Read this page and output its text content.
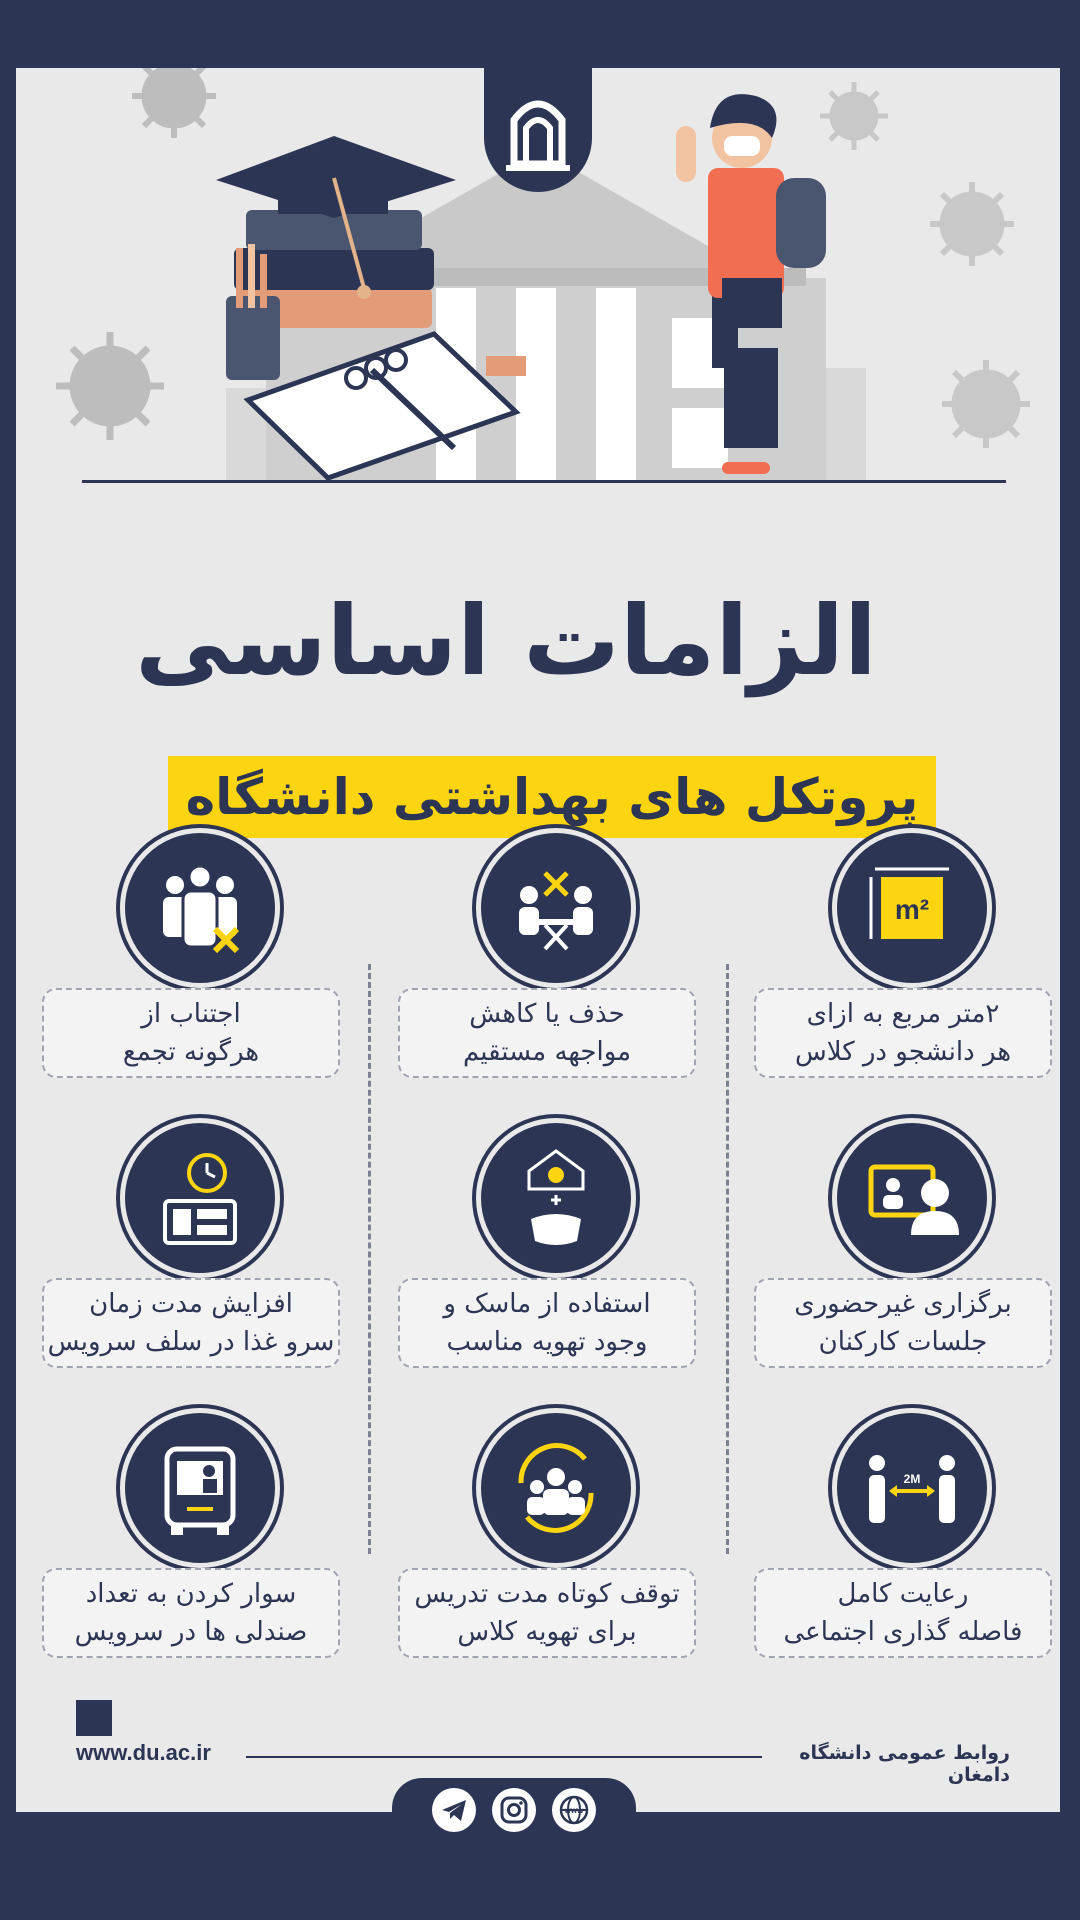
الزامات اساسی
پروتکل های بهداشتی دانشگاه
m²
۲متر مربع به ازای
هر دانشجو در کلاس
حذف یا کاهش
مواجهه مستقیم
اجتناب از
هرگونه تجمع
برگزاری غیرحضوری
جلسات کارکنان
استفاده از ماسک و
وجود تهویه مناسب
افزایش مدت زمان
سرو غذا در سلف سرویس
2M
رعایت کامل
فاصله گذاری اجتماعی
توقف کوتاه مدت تدریس
برای تهویه کلاس
سوار کردن به تعداد
صندلی ها در سرویس
www.du.ac.ir	روابط عمومی دانشگاه دامغان
www
